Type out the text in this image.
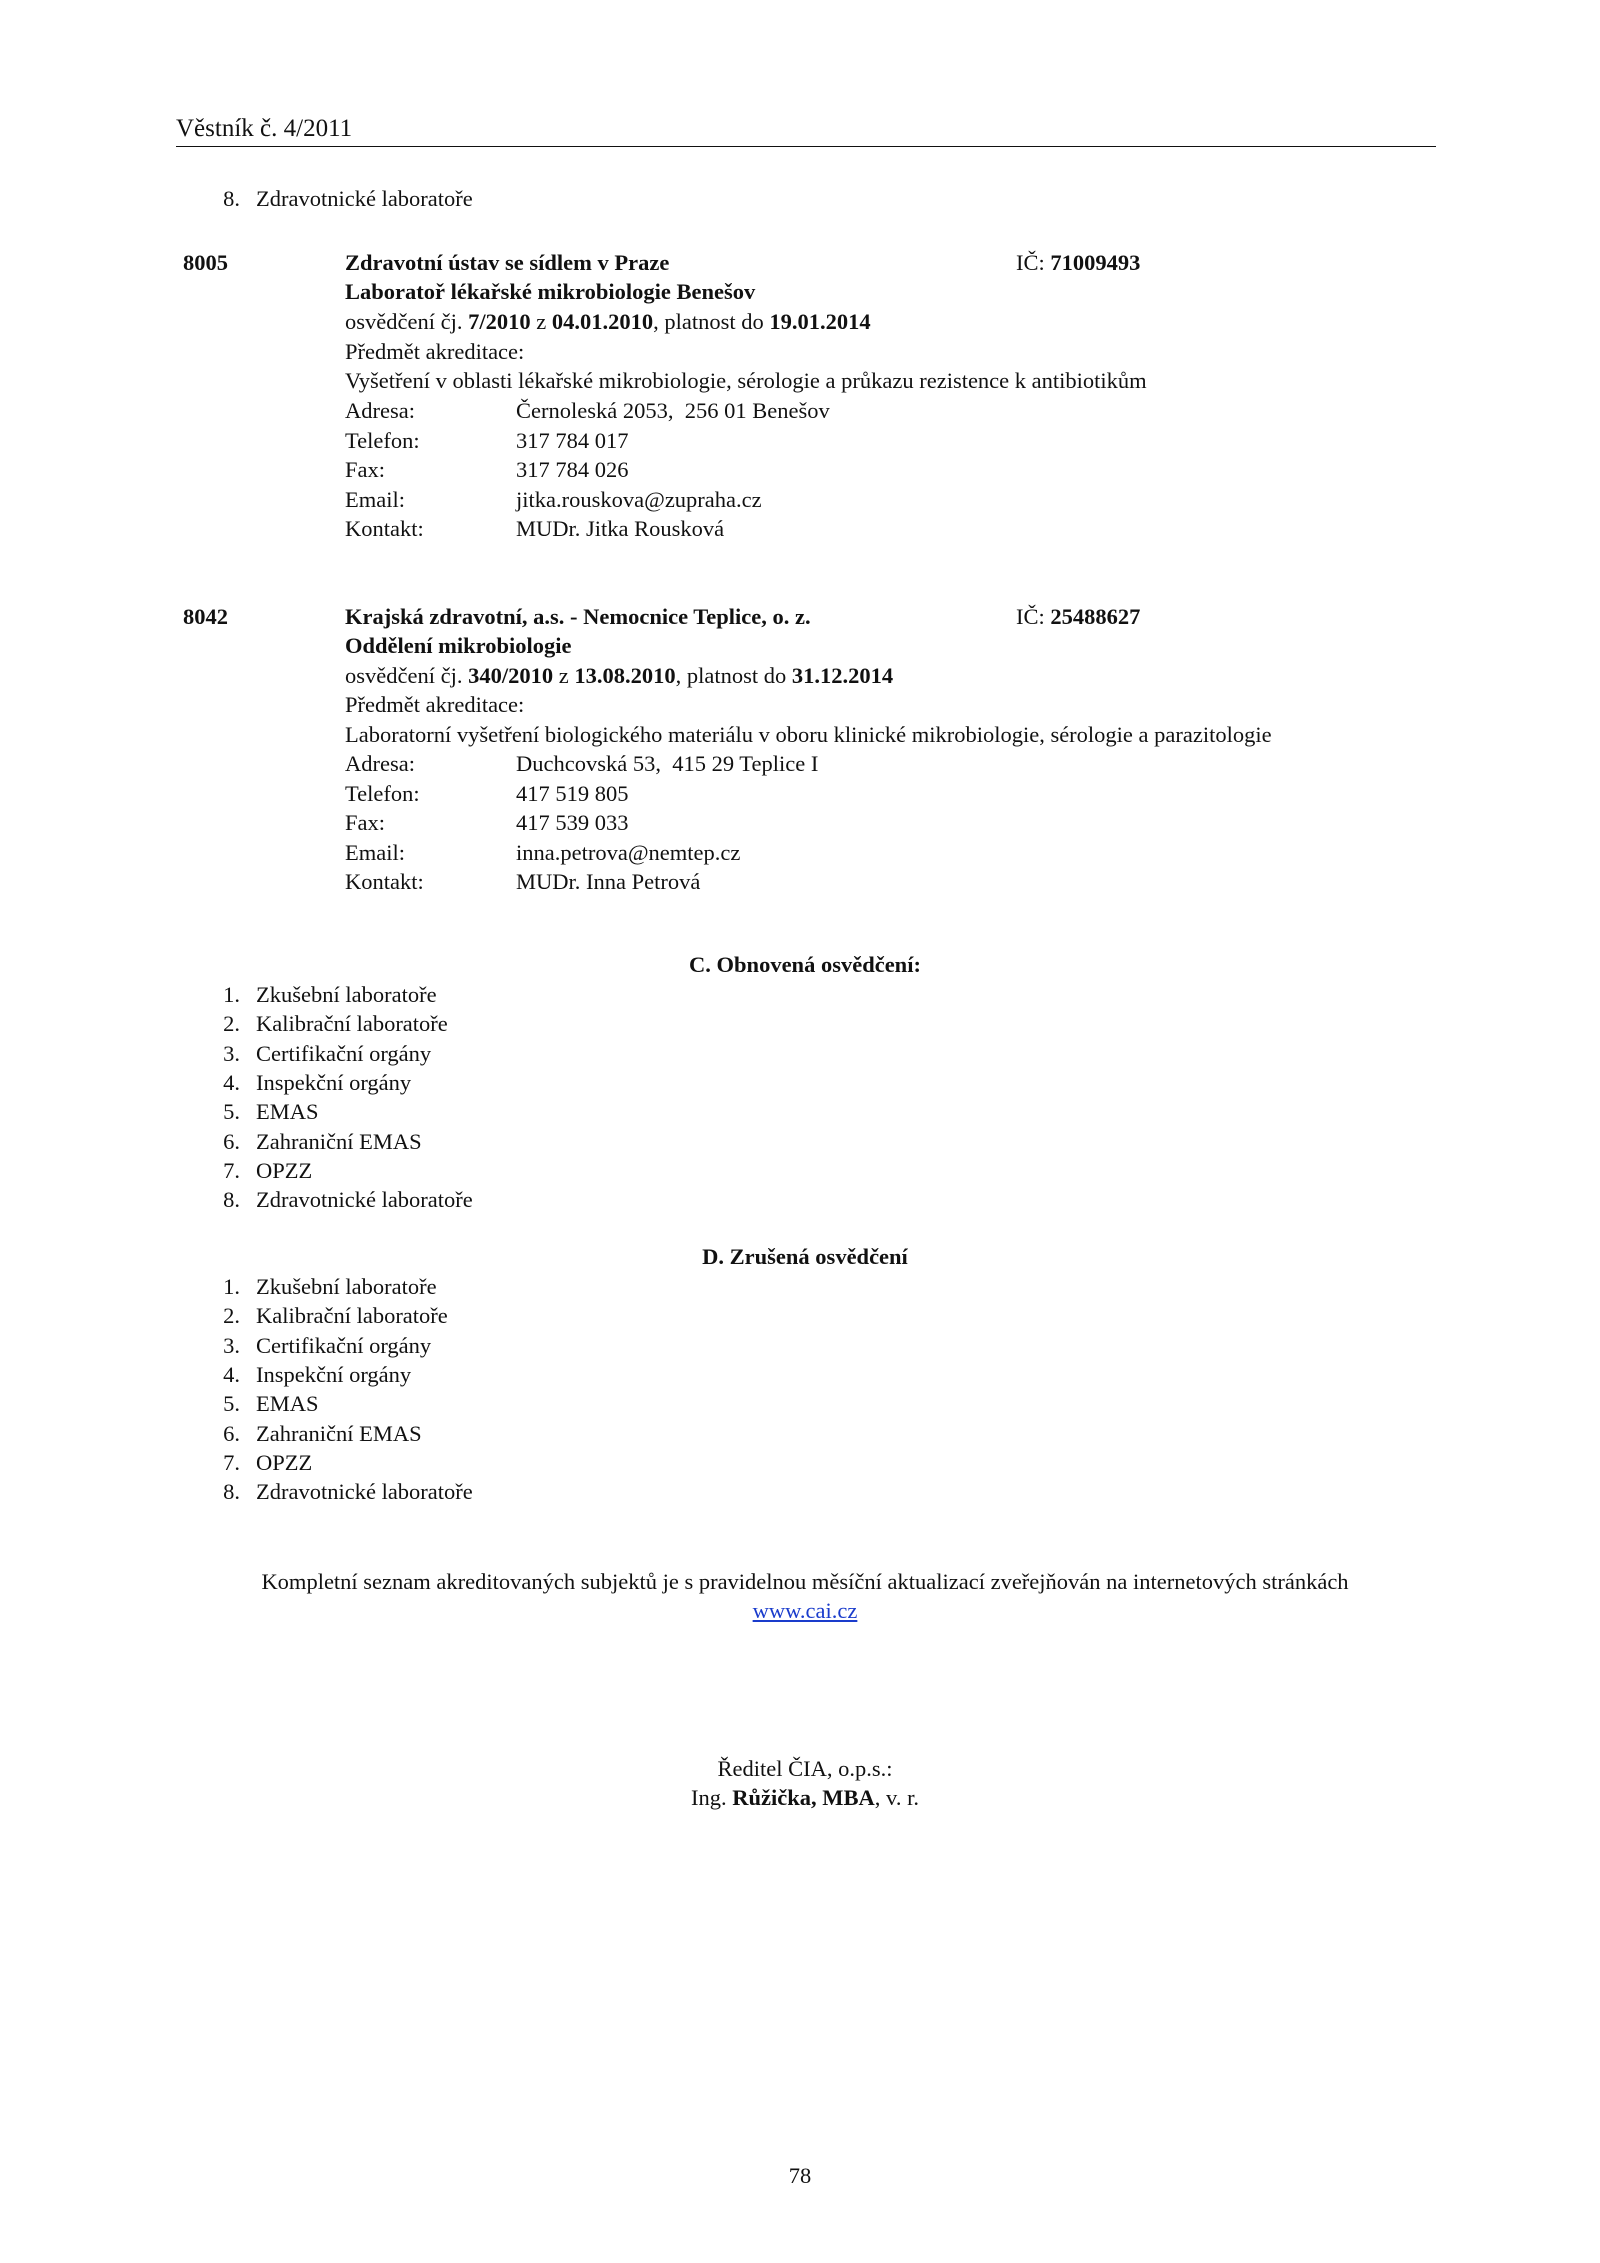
Věstník č. 4/2011
8. Zdravotnické laboratoře
8005	Zdravotní ústav se sídlem v Praze	IČ: 71009493
Laboratoř lékařské mikrobiologie Benešov
osvědčení čj. 7/2010 z 04.01.2010, platnost do 19.01.2014
Předmět akreditace:
Vyšetření v oblasti lékařské mikrobiologie, sérologie a průkazu rezistence k antibiotikům
Adresa:	Černoleská 2053,  256 01 Benešov
Telefon:	317 784 017
Fax:	317 784 026
Email:	jitka.rouskova@zupraha.cz
Kontakt:	MUDr. Jitka Rousková
8042	Krajská zdravotní, a.s. - Nemocnice Teplice, o. z.	IČ: 25488627
Oddělení mikrobiologie
osvědčení čj. 340/2010 z 13.08.2010, platnost do 31.12.2014
Předmět akreditace:
Laboratorní vyšetření biologického materiálu v oboru klinické mikrobiologie, sérologie a parazitologie
Adresa:	Duchcovská 53,  415 29 Teplice I
Telefon:	417 519 805
Fax:	417 539 033
Email:	inna.petrova@nemtep.cz
Kontakt:	MUDr. Inna Petrová
C. Obnovená osvědčení:
1. Zkušební laboratoře
2. Kalibrační laboratoře
3. Certifikační orgány
4. Inspekční orgány
5. EMAS
6. Zahraniční EMAS
7. OPZZ
8. Zdravotnické laboratoře
D. Zrušená osvědčení
1. Zkušební laboratoře
2. Kalibrační laboratoře
3. Certifikační orgány
4. Inspekční orgány
5. EMAS
6. Zahraniční EMAS
7. OPZZ
8. Zdravotnické laboratoře
Kompletní seznam akreditovaných subjektů je s pravidelnou měsíční aktualizací zveřejňován na internetových stránkách
www.cai.cz
Ředitel ČIA, o.p.s.:
Ing. Růžička, MBA, v. r.
78
